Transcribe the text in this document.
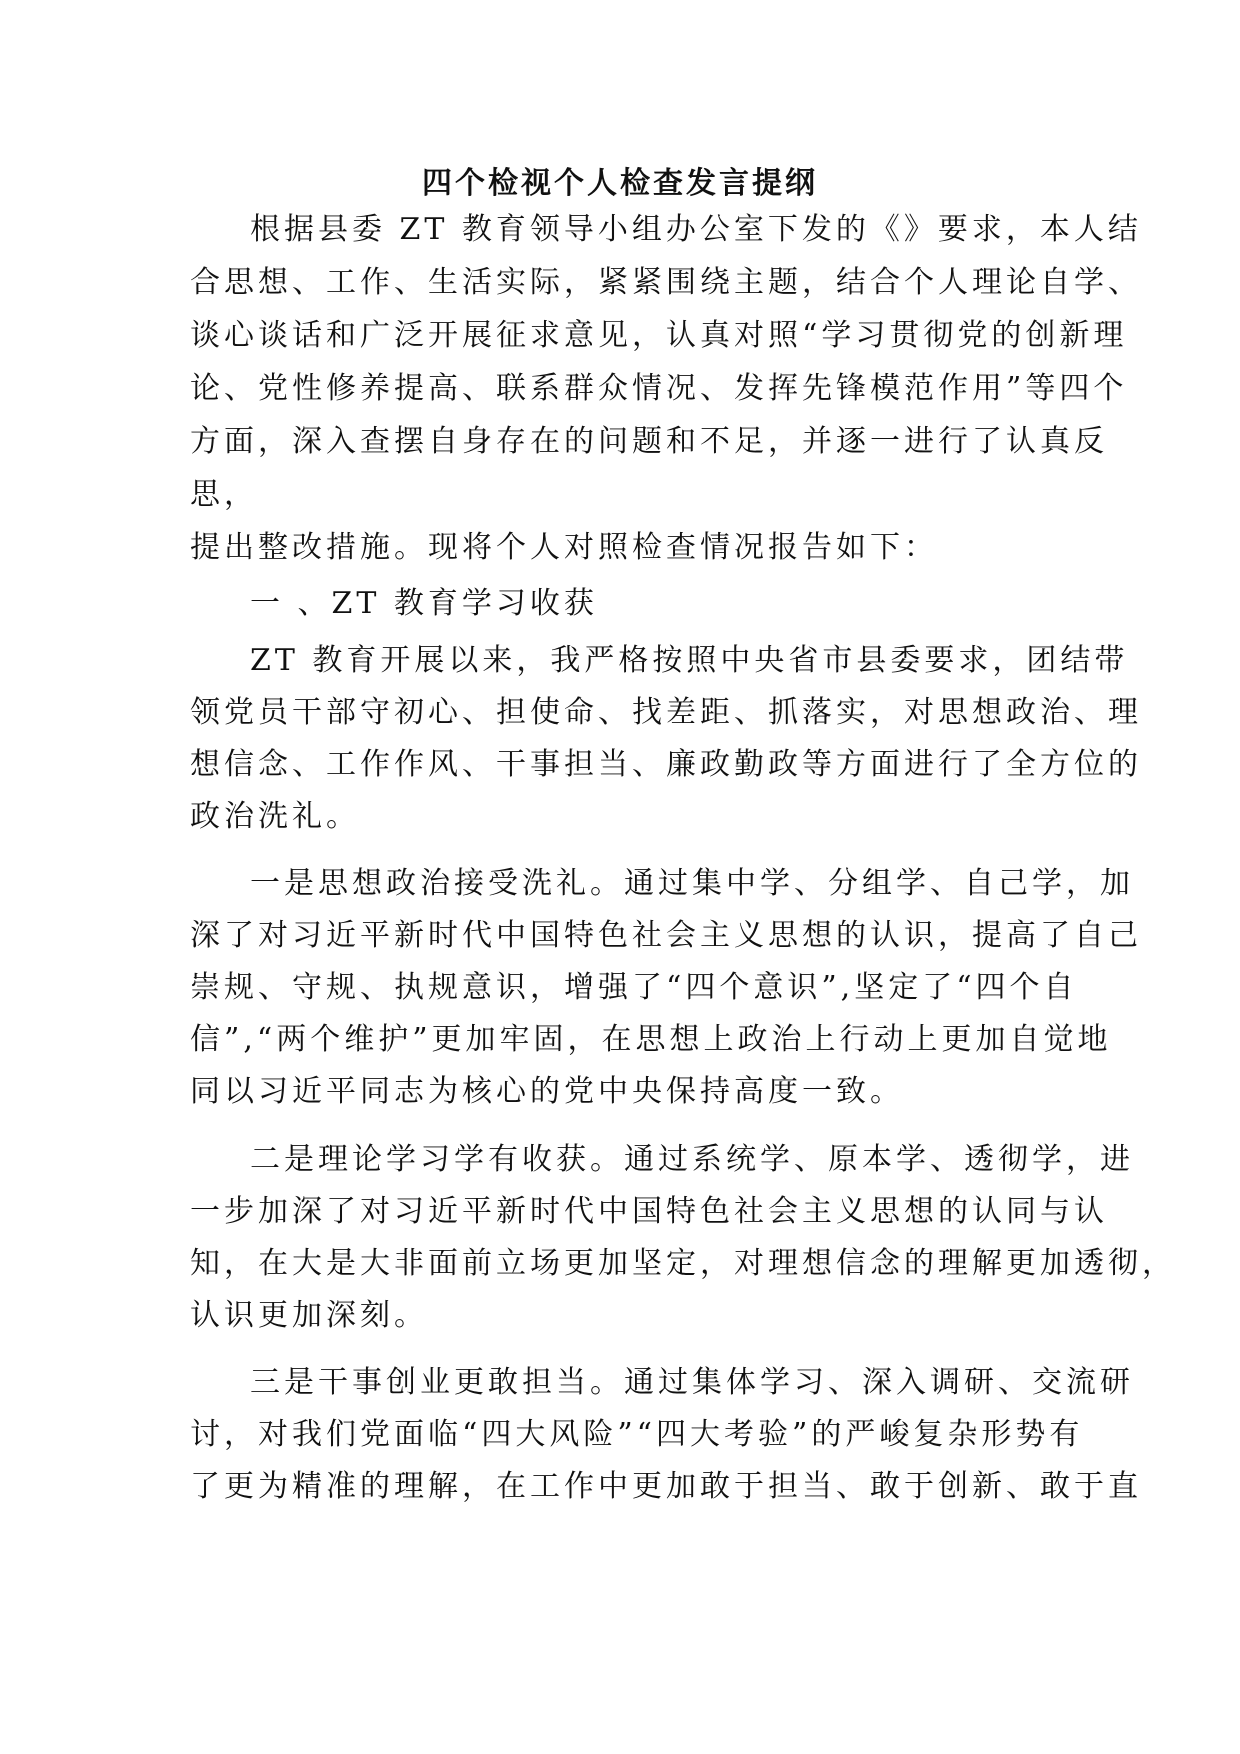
四个检视个人检查发言提纲
根据县委 ZT 教育领导小组办公室下发的《》要求，本人结
合思想、工作、生活实际，紧紧围绕主题，结合个人理论自学、
谈心谈话和广泛开展征求意见，认真对照“学习贯彻党的创新理
论、党性修养提高、联系群众情况、发挥先锋模范作用”等四个
方面，深入查摆自身存在的问题和不足，并逐一进行了认真反
思，
提出整改措施。现将个人对照检查情况报告如下：
一 、ZT 教育学习收获
ZT 教育开展以来，我严格按照中央省市县委要求，团结带
领党员干部守初心、担使命、找差距、抓落实，对思想政治、理
想信念、工作作风、干事担当、廉政勤政等方面进行了全方位的
政治洗礼。
一是思想政治接受洗礼。通过集中学、分组学、自己学，加
深了对习近平新时代中国特色社会主义思想的认识，提高了自己
崇规、守规、执规意识，增强了“四个意识”,坚定了“四个自
信”,“两个维护”更加牢固，在思想上政治上行动上更加自觉地
同以习近平同志为核心的党中央保持高度一致。
二是理论学习学有收获。通过系统学、原本学、透彻学，进
一步加深了对习近平新时代中国特色社会主义思想的认同与认
知，在大是大非面前立场更加坚定，对理想信念的理解更加透彻，
认识更加深刻。
三是干事创业更敢担当。通过集体学习、深入调研、交流研
讨，对我们党面临“四大风险”“四大考验”的严峻复杂形势有
了更为精准的理解，在工作中更加敢于担当、敢于创新、敢于直
